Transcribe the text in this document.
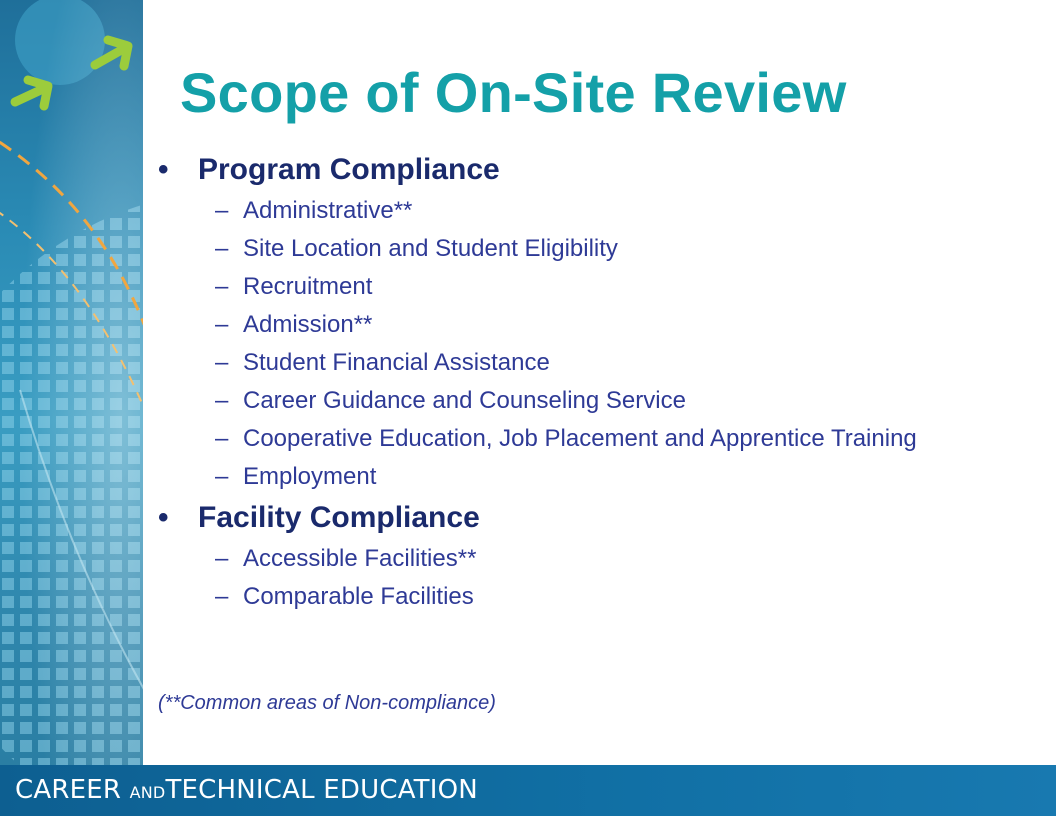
Scope of On-Site Review
• Program Compliance
– Administrative**
– Site Location and Student Eligibility
– Recruitment
– Admission**
– Student Financial Assistance
– Career Guidance and Counseling Service
– Cooperative Education, Job Placement and Apprentice Training
– Employment
• Facility Compliance
– Accessible Facilities**
– Comparable Facilities

(**Common areas of Non-compliance)

CAREER ANDTECHNICAL EDUCATION
